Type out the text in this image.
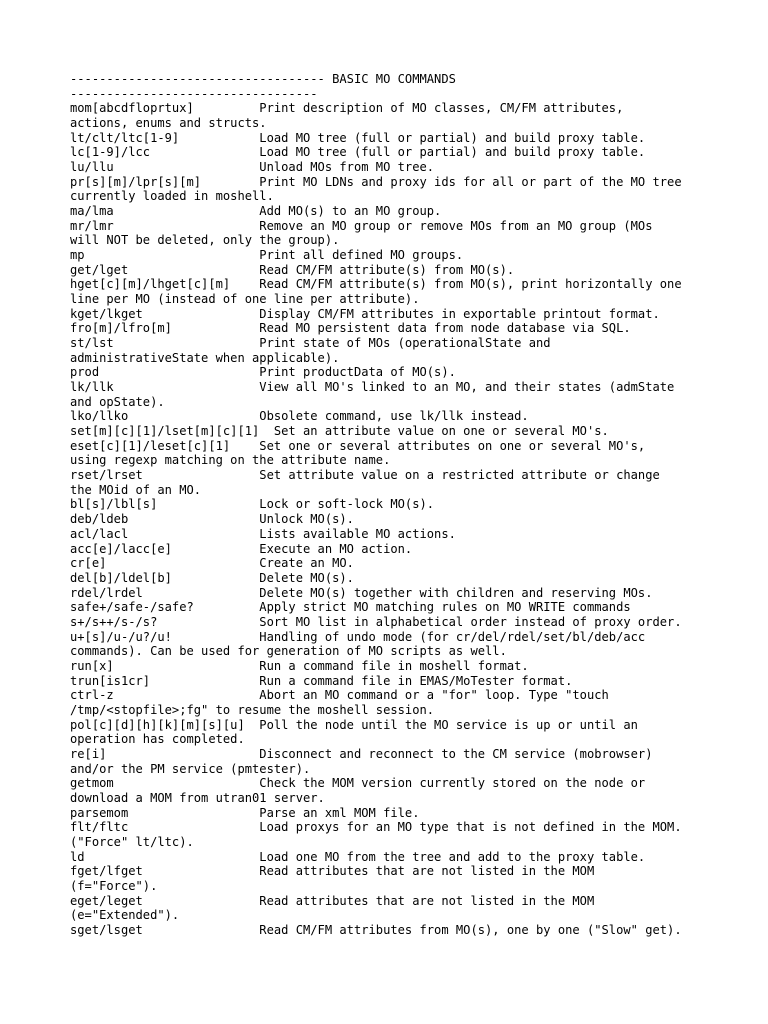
----------------------------------- BASIC MO COMMANDS
----------------------------------
mom[abcdfloprtux]         Print description of MO classes, CM/FM attributes,
actions, enums and structs.
lt/clt/ltc[1-9]           Load MO tree (full or partial) and build proxy table.
lc[1-9]/lcc               Load MO tree (full or partial) and build proxy table.
lu/llu                    Unload MOs from MO tree.
pr[s][m]/lpr[s][m]        Print MO LDNs and proxy ids for all or part of the MO tree
currently loaded in moshell.
ma/lma                    Add MO(s) to an MO group.
mr/lmr                    Remove an MO group or remove MOs from an MO group (MOs
will NOT be deleted, only the group).
mp                        Print all defined MO groups.
get/lget                  Read CM/FM attribute(s) from MO(s).
hget[c][m]/lhget[c][m]    Read CM/FM attribute(s) from MO(s), print horizontally one
line per MO (instead of one line per attribute).
kget/lkget                Display CM/FM attributes in exportable printout format.
fro[m]/lfro[m]            Read MO persistent data from node database via SQL.
st/lst                    Print state of MOs (operationalState and
administrativeState when applicable).
prod                      Print productData of MO(s).
lk/llk                    View all MO's linked to an MO, and their states (admState
and opState).
lko/llko                  Obsolete command, use lk/llk instead.
set[m][c][1]/lset[m][c][1]  Set an attribute value on one or several MO's.
eset[c][1]/leset[c][1]    Set one or several attributes on one or several MO's,
using regexp matching on the attribute name.
rset/lrset                Set attribute value on a restricted attribute or change
the MOid of an MO.
bl[s]/lbl[s]              Lock or soft-lock MO(s).
deb/ldeb                  Unlock MO(s).
acl/lacl                  Lists available MO actions.
acc[e]/lacc[e]            Execute an MO action.
cr[e]                     Create an MO.
del[b]/ldel[b]            Delete MO(s).
rdel/lrdel                Delete MO(s) together with children and reserving MOs.
safe+/safe-/safe?         Apply strict MO matching rules on MO WRITE commands
s+/s++/s-/s?              Sort MO list in alphabetical order instead of proxy order.
u+[s]/u-/u?/u!            Handling of undo mode (for cr/del/rdel/set/bl/deb/acc
commands). Can be used for generation of MO scripts as well.
run[x]                    Run a command file in moshell format.
trun[is1cr]               Run a command file in EMAS/MoTester format.
ctrl-z                    Abort an MO command or a "for" loop. Type "touch
/tmp/<stopfile>;fg" to resume the moshell session.
pol[c][d][h][k][m][s][u]  Poll the node until the MO service is up or until an
operation has completed.
re[i]                     Disconnect and reconnect to the CM service (mobrowser)
and/or the PM service (pmtester).
getmom                    Check the MOM version currently stored on the node or
download a MOM from utran01 server.
parsemom                  Parse an xml MOM file.
flt/fltc                  Load proxys for an MO type that is not defined in the MOM.
("Force" lt/ltc).
ld                        Load one MO from the tree and add to the proxy table.
fget/lfget                Read attributes that are not listed in the MOM
(f="Force").
eget/leget                Read attributes that are not listed in the MOM
(e="Extended").
sget/lsget                Read CM/FM attributes from MO(s), one by one ("Slow" get).
